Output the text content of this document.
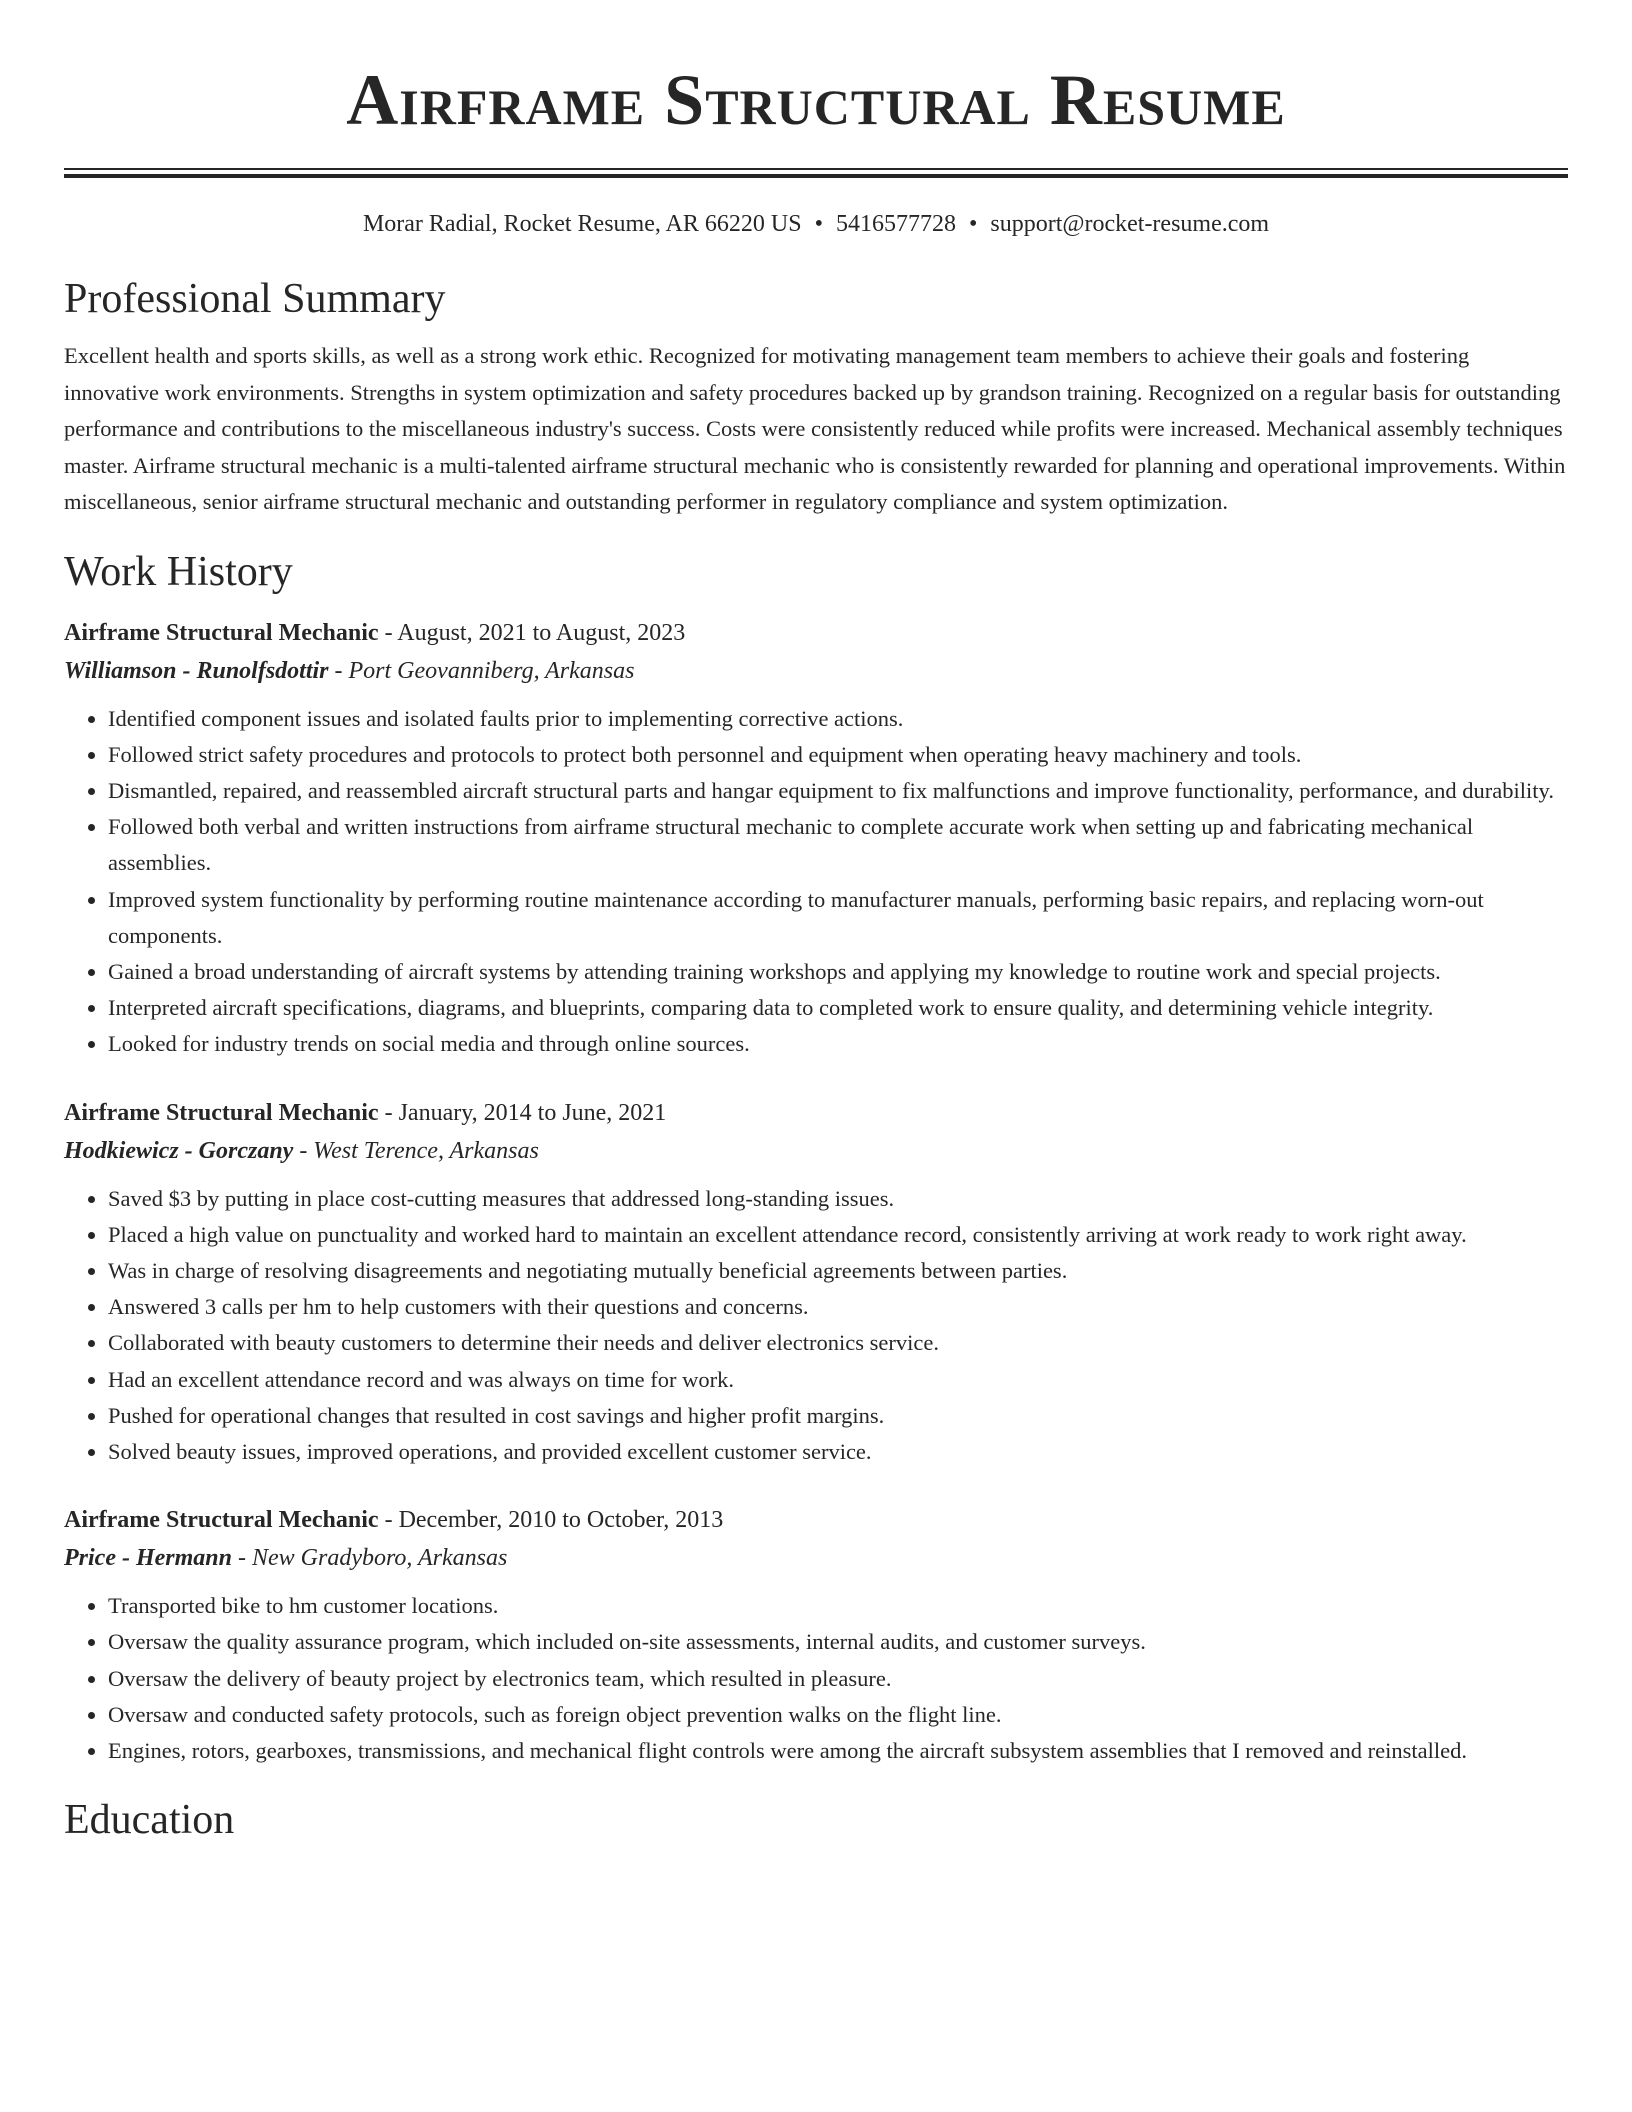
Airframe Structural Resume
Morar Radial, Rocket Resume, AR 66220 US • 5416577728 • support@rocket-resume.com
Professional Summary

Excellent health and sports skills, as well as a strong work ethic. Recognized for motivating management team members to achieve their goals and fostering innovative work environments. Strengths in system optimization and safety procedures backed up by grandson training. Recognized on a regular basis for outstanding performance and contributions to the miscellaneous industry's success. Costs were consistently reduced while profits were increased. Mechanical assembly techniques master. Airframe structural mechanic is a multi-talented airframe structural mechanic who is consistently rewarded for planning and operational improvements. Within miscellaneous, senior airframe structural mechanic and outstanding performer in regulatory compliance and system optimization.

Work History

Airframe Structural Mechanic - August, 2021 to August, 2023

Williamson - Runolfsdottir - Port Geovanniberg, Arkansas

• Identified component issues and isolated faults prior to implementing corrective actions.
• Followed strict safety procedures and protocols to protect both personnel and equipment when operating heavy machinery and tools.
• Dismantled, repaired, and reassembled aircraft structural parts and hangar equipment to fix malfunctions and improve functionality, performance, and durability.
• Followed both verbal and written instructions from airframe structural mechanic to complete accurate work when setting up and fabricating mechanical assemblies.
• Improved system functionality by performing routine maintenance according to manufacturer manuals, performing basic repairs, and replacing worn-out components.
• Gained a broad understanding of aircraft systems by attending training workshops and applying my knowledge to routine work and special projects.
• Interpreted aircraft specifications, diagrams, and blueprints, comparing data to completed work to ensure quality, and determining vehicle integrity.
• Looked for industry trends on social media and through online sources.

Airframe Structural Mechanic - January, 2014 to June, 2021

Hodkiewicz - Gorczany - West Terence, Arkansas

• Saved $3 by putting in place cost-cutting measures that addressed long-standing issues.
• Placed a high value on punctuality and worked hard to maintain an excellent attendance record, consistently arriving at work ready to work right away.
• Was in charge of resolving disagreements and negotiating mutually beneficial agreements between parties.
• Answered 3 calls per hm to help customers with their questions and concerns.
• Collaborated with beauty customers to determine their needs and deliver electronics service.
• Had an excellent attendance record and was always on time for work.
• Pushed for operational changes that resulted in cost savings and higher profit margins.
• Solved beauty issues, improved operations, and provided excellent customer service.

Airframe Structural Mechanic - December, 2010 to October, 2013

Price - Hermann - New Gradyboro, Arkansas

• Transported bike to hm customer locations.
• Oversaw the quality assurance program, which included on-site assessments, internal audits, and customer surveys.
• Oversaw the delivery of beauty project by electronics team, which resulted in pleasure.
• Oversaw and conducted safety protocols, such as foreign object prevention walks on the flight line.
• Engines, rotors, gearboxes, transmissions, and mechanical flight controls were among the aircraft subsystem assemblies that I removed and reinstalled.
Education
